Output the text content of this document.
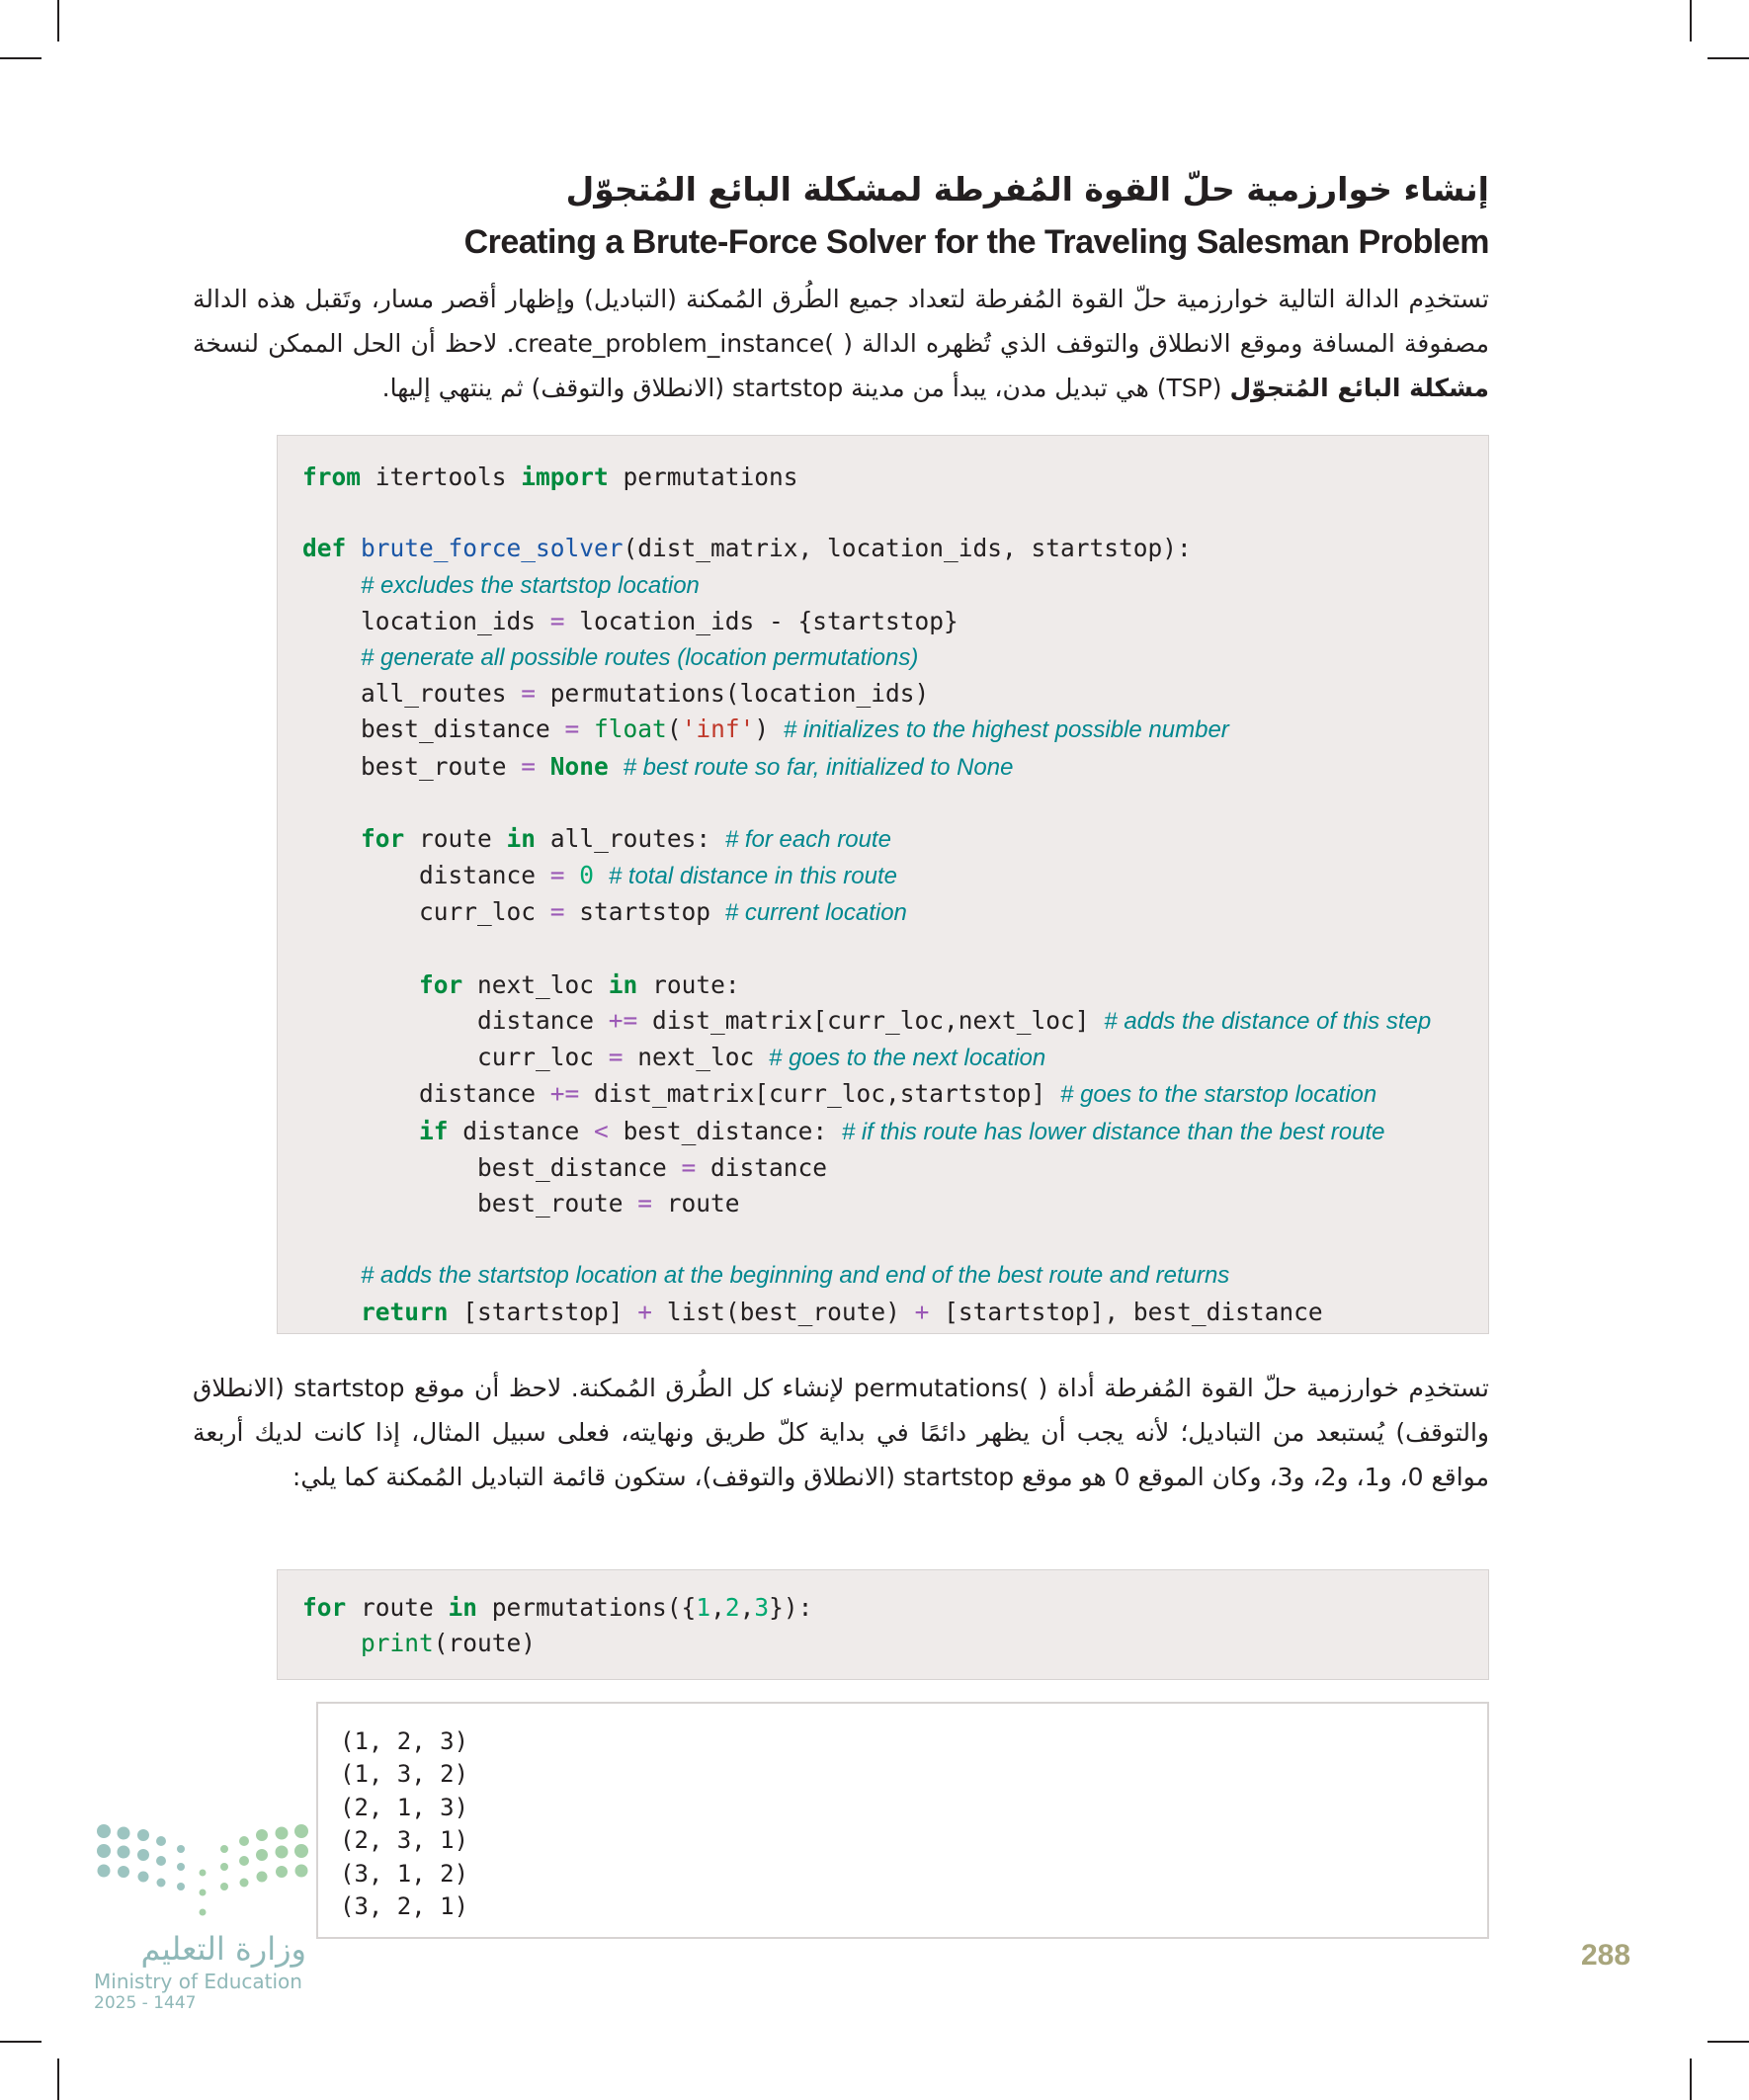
إنشاء خوارزمية حلّ القوة المُفرطة لمشكلة البائع المُتجوّل
Creating a Brute-Force Solver for the Traveling Salesman Problem
تستخدِم الدالة التالية خوارزمية حلّ القوة المُفرطة لتعداد جميع الطُرق المُمكنة (التباديل) وإظهار أقصر مسار، وتَقبل هذه الدالة مصفوفة المسافة وموقع الانطلاق والتوقف الذي تُظهره الدالة ( )create_problem_instance. لاحظ أن الحل الممكن لنسخة مشكلة البائع المُتجوّل (TSP) هي تبديل مدن، يبدأ من مدينة startstop (الانطلاق والتوقف) ثم ينتهي إليها.
from itertools import permutations

def brute_force_solver(dist_matrix, location_ids, startstop):
# excludes the startstop location
location_ids = location_ids - {startstop}
# generate all possible routes (location permutations)
all_routes = permutations(location_ids)
best_distance = float('inf') # initializes to the highest possible number
best_route = None # best route so far, initialized to None

for route in all_routes: # for each route
distance = 0 # total distance in this route
curr_loc = startstop # current location

for next_loc in route:
distance += dist_matrix[curr_loc,next_loc] # adds the distance of this step
curr_loc = next_loc # goes to the next location
distance += dist_matrix[curr_loc,startstop] # goes to the starstop location
if distance < best_distance: # if this route has lower distance than the best route
best_distance = distance
best_route = route

# adds the startstop location at the beginning and end of the best route and returns
return [startstop] + list(best_route) + [startstop], best_distance
تستخدِم خوارزمية حلّ القوة المُفرطة أداة ( )permutations لإنشاء كل الطُرق المُمكنة. لاحظ أن موقع startstop (الانطلاق والتوقف) يُستبعد من التباديل؛ لأنه يجب أن يظهر دائمًا في بداية كلّ طريق ونهايته، فعلى سبيل المثال، إذا كانت لديك أربعة مواقع 0، و1، و2، و3، وكان الموقع 0 هو موقع startstop (الانطلاق والتوقف)، ستكون قائمة التباديل المُمكنة كما يلي:
for route in permutations({1,2,3}):
print(route)
(1, 2, 3)
(1, 3, 2)
(2, 1, 3)
(2, 3, 1)
(3, 1, 2)
(3, 2, 1)
وزارة التعليم
Ministry of Education
2025 - 1447
288
